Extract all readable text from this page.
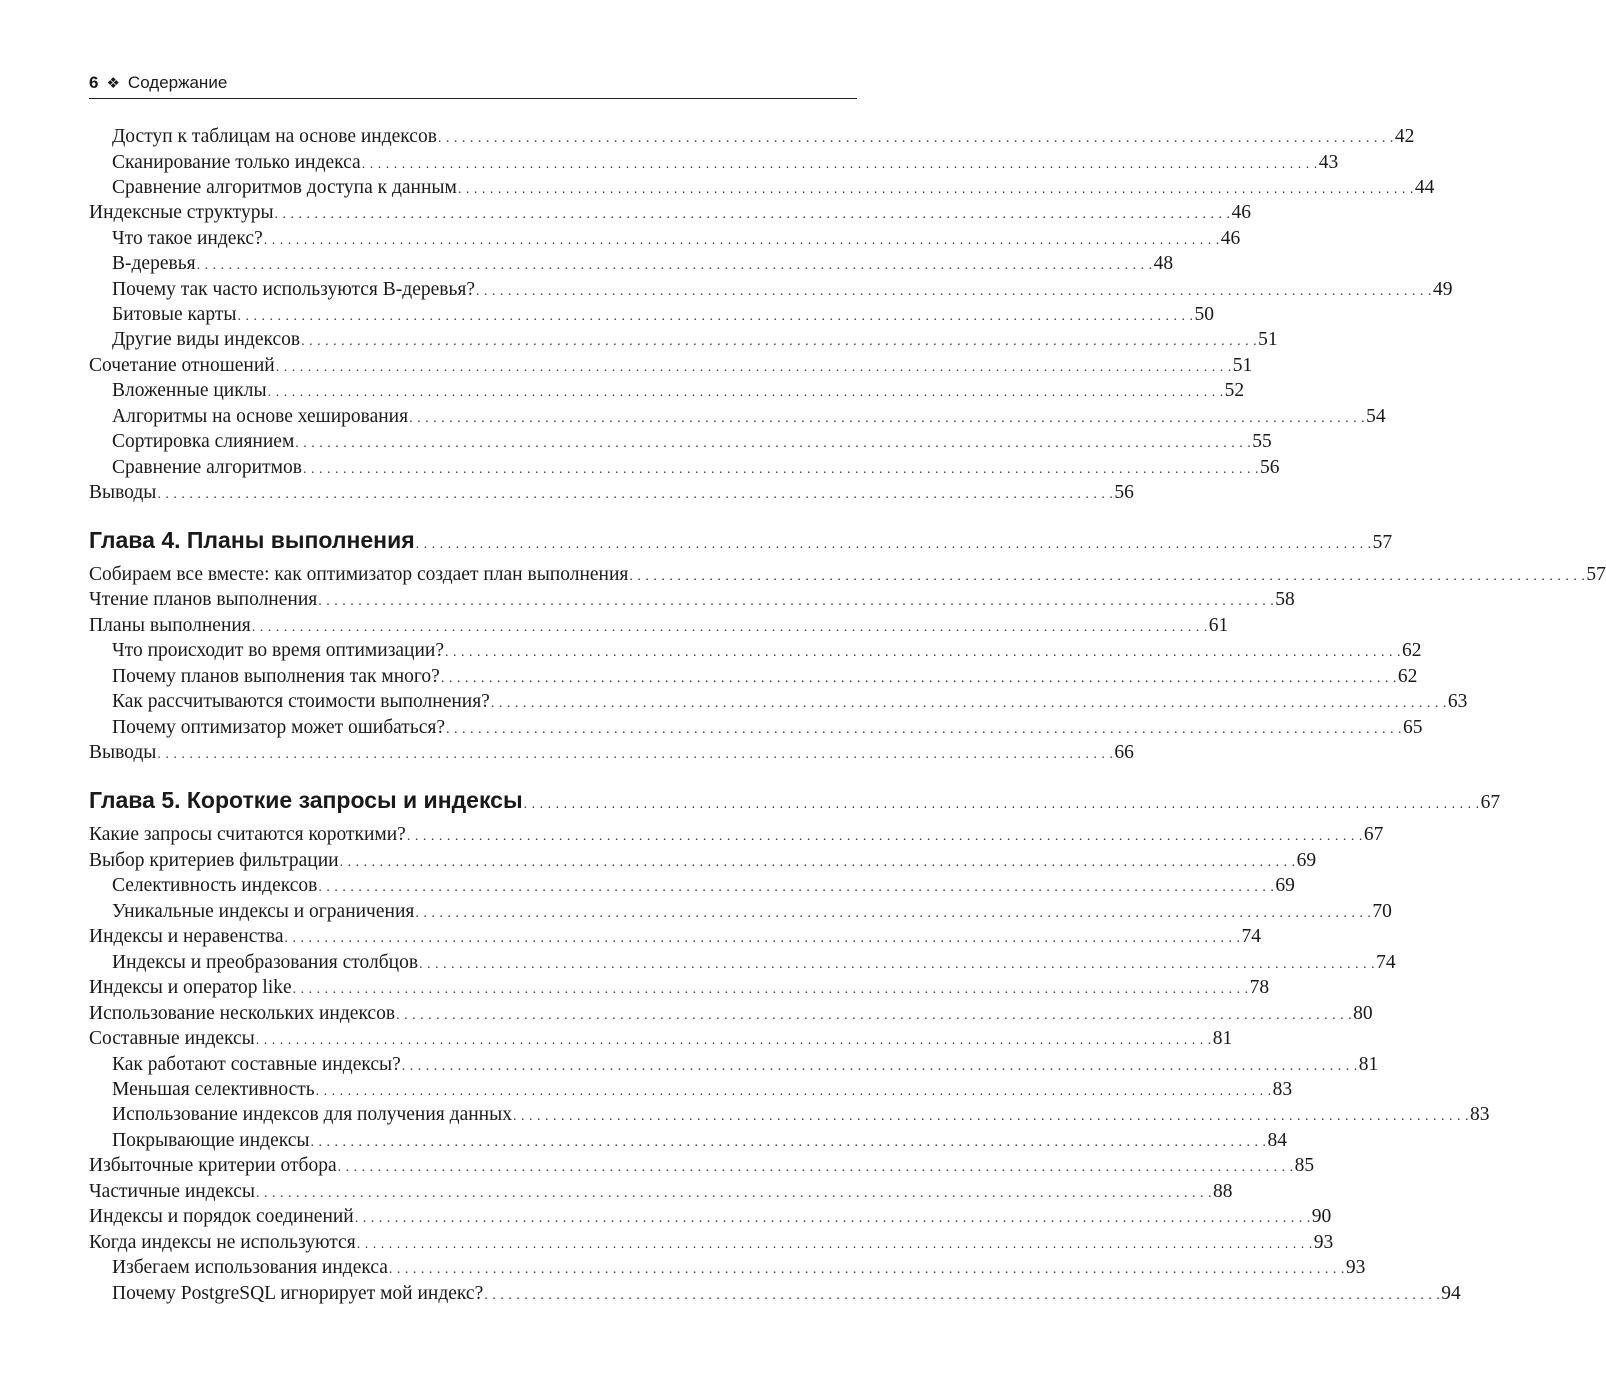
6 ❖ Содержание
Доступ к таблицам на основе индексов . . . . . . . . . . . . . . . . . . . . . . . . . . . . . . . . . . . . . . . . . . . . . . . . . . . . . . . . . . . . . . . . . . . . . . . . . . . . . . . . . . . . . . . . . . . . . . . . . . . . . . . . . . . . . . . . . . . . . . . . 42
Сканирование только индекса . . . . . . . . . . . . . . . . . . . . . . . . . . . . . . . . . . . . . . . . . . . . . . . . . . . . . . . . . . . . . . . . . . . . . . . . . . . . . . . . . . . . . . . . . . . . . . . . . . . . . . . . . . . . . . . . . . . . . . . . 43
Сравнение алгоритмов доступа к данным . . . . . . . . . . . . . . . . . . . . . . . . . . . . . . . . . . . . . . . . . . . . . . . . . . . . . . . . . . . . . . . . . . . . . . . . . . . . . . . . . . . . . . . . . . . . . . . . . . . . . . . . . . . . . . . . . . . . . . . . 44
Индексные структуры . . . . . . . . . . . . . . . . . . . . . . . . . . . . . . . . . . . . . . . . . . . . . . . . . . . . . . . . . . . . . . . . . . . . . . . . . . . . . . . . . . . . . . . . . . . . . . . . . . . . . . . . . . . . . . . . . . . . . . . . 46
Что такое индекс? . . . . . . . . . . . . . . . . . . . . . . . . . . . . . . . . . . . . . . . . . . . . . . . . . . . . . . . . . . . . . . . . . . . . . . . . . . . . . . . . . . . . . . . . . . . . . . . . . . . . . . . . . . . . . . . . . . . . . . . . 46
B-деревья . . . . . . . . . . . . . . . . . . . . . . . . . . . . . . . . . . . . . . . . . . . . . . . . . . . . . . . . . . . . . . . . . . . . . . . . . . . . . . . . . . . . . . . . . . . . . . . . . . . . . . . . . . . . . . . . . . . . . . . . 48
Почему так часто используются B-деревья? . . . . . . . . . . . . . . . . . . . . . . . . . . . . . . . . . . . . . . . . . . . . . . . . . . . . . . . . . . . . . . . . . . . . . . . . . . . . . . . . . . . . . . . . . . . . . . . . . . . . . . . . . . . . . . . . . . . . . . . . 49
Битовые карты . . . . . . . . . . . . . . . . . . . . . . . . . . . . . . . . . . . . . . . . . . . . . . . . . . . . . . . . . . . . . . . . . . . . . . . . . . . . . . . . . . . . . . . . . . . . . . . . . . . . . . . . . . . . . . . . . . . . . . . . 50
Другие виды индексов . . . . . . . . . . . . . . . . . . . . . . . . . . . . . . . . . . . . . . . . . . . . . . . . . . . . . . . . . . . . . . . . . . . . . . . . . . . . . . . . . . . . . . . . . . . . . . . . . . . . . . . . . . . . . . . . . . . . . . . . 51
Сочетание отношений . . . . . . . . . . . . . . . . . . . . . . . . . . . . . . . . . . . . . . . . . . . . . . . . . . . . . . . . . . . . . . . . . . . . . . . . . . . . . . . . . . . . . . . . . . . . . . . . . . . . . . . . . . . . . . . . . . . . . . . . 51
Вложенные циклы . . . . . . . . . . . . . . . . . . . . . . . . . . . . . . . . . . . . . . . . . . . . . . . . . . . . . . . . . . . . . . . . . . . . . . . . . . . . . . . . . . . . . . . . . . . . . . . . . . . . . . . . . . . . . . . . . . . . . . . . 52
Алгоритмы на основе хеширования . . . . . . . . . . . . . . . . . . . . . . . . . . . . . . . . . . . . . . . . . . . . . . . . . . . . . . . . . . . . . . . . . . . . . . . . . . . . . . . . . . . . . . . . . . . . . . . . . . . . . . . . . . . . . . . . . . . . . . . . 54
Сортировка слиянием . . . . . . . . . . . . . . . . . . . . . . . . . . . . . . . . . . . . . . . . . . . . . . . . . . . . . . . . . . . . . . . . . . . . . . . . . . . . . . . . . . . . . . . . . . . . . . . . . . . . . . . . . . . . . . . . . . . . . . . . 55
Сравнение алгоритмов . . . . . . . . . . . . . . . . . . . . . . . . . . . . . . . . . . . . . . . . . . . . . . . . . . . . . . . . . . . . . . . . . . . . . . . . . . . . . . . . . . . . . . . . . . . . . . . . . . . . . . . . . . . . . . . . . . . . . . . . 56
Выводы . . . . . . . . . . . . . . . . . . . . . . . . . . . . . . . . . . . . . . . . . . . . . . . . . . . . . . . . . . . . . . . . . . . . . . . . . . . . . . . . . . . . . . . . . . . . . . . . . . . . . . . . . . . . . . . . . . . . . . . . 56
Глава 4. Планы выполнения . . . . . . . . . . . . . . . . . . . . . . . . . . . . . . . . . . . . . . . . . . . . . . . . . . . . . . . . . . . . . . . . . . . . . . . . . . . . . . . . . . . . . . . . . . . . . . . . . . . . . . . . . . . . . . . . . . . . . . . . 57
Собираем все вместе: как оптимизатор создает план выполнения . . . . . . . . . . . . . . . . . . . . . . . . . . . . . . . . . . . . . . . . . . . . . . . . . . . . . . . . . . . . . . . . . . . . . . . . . . . . . . . . . . . . . . . . . . . . . . . . . . . . . . . . . . . . . . . . . . . . . . . . 57
Чтение планов выполнения . . . . . . . . . . . . . . . . . . . . . . . . . . . . . . . . . . . . . . . . . . . . . . . . . . . . . . . . . . . . . . . . . . . . . . . . . . . . . . . . . . . . . . . . . . . . . . . . . . . . . . . . . . . . . . . . . . . . . . . . 58
Планы выполнения . . . . . . . . . . . . . . . . . . . . . . . . . . . . . . . . . . . . . . . . . . . . . . . . . . . . . . . . . . . . . . . . . . . . . . . . . . . . . . . . . . . . . . . . . . . . . . . . . . . . . . . . . . . . . . . . . . . . . . . . 61
Что происходит во время оптимизации? . . . . . . . . . . . . . . . . . . . . . . . . . . . . . . . . . . . . . . . . . . . . . . . . . . . . . . . . . . . . . . . . . . . . . . . . . . . . . . . . . . . . . . . . . . . . . . . . . . . . . . . . . . . . . . . . . . . . . . . . 62
Почему планов выполнения так много? . . . . . . . . . . . . . . . . . . . . . . . . . . . . . . . . . . . . . . . . . . . . . . . . . . . . . . . . . . . . . . . . . . . . . . . . . . . . . . . . . . . . . . . . . . . . . . . . . . . . . . . . . . . . . . . . . . . . . . . . 62
Как рассчитываются стоимости выполнения? . . . . . . . . . . . . . . . . . . . . . . . . . . . . . . . . . . . . . . . . . . . . . . . . . . . . . . . . . . . . . . . . . . . . . . . . . . . . . . . . . . . . . . . . . . . . . . . . . . . . . . . . . . . . . . . . . . . . . . . . 63
Почему оптимизатор может ошибаться? . . . . . . . . . . . . . . . . . . . . . . . . . . . . . . . . . . . . . . . . . . . . . . . . . . . . . . . . . . . . . . . . . . . . . . . . . . . . . . . . . . . . . . . . . . . . . . . . . . . . . . . . . . . . . . . . . . . . . . . . 65
Выводы . . . . . . . . . . . . . . . . . . . . . . . . . . . . . . . . . . . . . . . . . . . . . . . . . . . . . . . . . . . . . . . . . . . . . . . . . . . . . . . . . . . . . . . . . . . . . . . . . . . . . . . . . . . . . . . . . . . . . . . . 66
Глава 5. Короткие запросы и индексы . . . . . . . . . . . . . . . . . . . . . . . . . . . . . . . . . . . . . . . . . . . . . . . . . . . . . . . . . . . . . . . . . . . . . . . . . . . . . . . . . . . . . . . . . . . . . . . . . . . . . . . . . . . . . . . . . . . . . . . . 67
Какие запросы считаются короткими? . . . . . . . . . . . . . . . . . . . . . . . . . . . . . . . . . . . . . . . . . . . . . . . . . . . . . . . . . . . . . . . . . . . . . . . . . . . . . . . . . . . . . . . . . . . . . . . . . . . . . . . . . . . . . . . . . . . . . . . . 67
Выбор критериев фильтрации . . . . . . . . . . . . . . . . . . . . . . . . . . . . . . . . . . . . . . . . . . . . . . . . . . . . . . . . . . . . . . . . . . . . . . . . . . . . . . . . . . . . . . . . . . . . . . . . . . . . . . . . . . . . . . . . . . . . . . . . 69
Селективность индексов . . . . . . . . . . . . . . . . . . . . . . . . . . . . . . . . . . . . . . . . . . . . . . . . . . . . . . . . . . . . . . . . . . . . . . . . . . . . . . . . . . . . . . . . . . . . . . . . . . . . . . . . . . . . . . . . . . . . . . . . 69
Уникальные индексы и ограничения . . . . . . . . . . . . . . . . . . . . . . . . . . . . . . . . . . . . . . . . . . . . . . . . . . . . . . . . . . . . . . . . . . . . . . . . . . . . . . . . . . . . . . . . . . . . . . . . . . . . . . . . . . . . . . . . . . . . . . . . 70
Индексы и неравенства . . . . . . . . . . . . . . . . . . . . . . . . . . . . . . . . . . . . . . . . . . . . . . . . . . . . . . . . . . . . . . . . . . . . . . . . . . . . . . . . . . . . . . . . . . . . . . . . . . . . . . . . . . . . . . . . . . . . . . . . 74
Индексы и преобразования столбцов . . . . . . . . . . . . . . . . . . . . . . . . . . . . . . . . . . . . . . . . . . . . . . . . . . . . . . . . . . . . . . . . . . . . . . . . . . . . . . . . . . . . . . . . . . . . . . . . . . . . . . . . . . . . . . . . . . . . . . . . 74
Индексы и оператор like . . . . . . . . . . . . . . . . . . . . . . . . . . . . . . . . . . . . . . . . . . . . . . . . . . . . . . . . . . . . . . . . . . . . . . . . . . . . . . . . . . . . . . . . . . . . . . . . . . . . . . . . . . . . . . . . . . . . . . . . 78
Использование нескольких индексов . . . . . . . . . . . . . . . . . . . . . . . . . . . . . . . . . . . . . . . . . . . . . . . . . . . . . . . . . . . . . . . . . . . . . . . . . . . . . . . . . . . . . . . . . . . . . . . . . . . . . . . . . . . . . . . . . . . . . . . . 80
Составные индексы . . . . . . . . . . . . . . . . . . . . . . . . . . . . . . . . . . . . . . . . . . . . . . . . . . . . . . . . . . . . . . . . . . . . . . . . . . . . . . . . . . . . . . . . . . . . . . . . . . . . . . . . . . . . . . . . . . . . . . . . 81
Как работают составные индексы? . . . . . . . . . . . . . . . . . . . . . . . . . . . . . . . . . . . . . . . . . . . . . . . . . . . . . . . . . . . . . . . . . . . . . . . . . . . . . . . . . . . . . . . . . . . . . . . . . . . . . . . . . . . . . . . . . . . . . . . . 81
Меньшая селективность . . . . . . . . . . . . . . . . . . . . . . . . . . . . . . . . . . . . . . . . . . . . . . . . . . . . . . . . . . . . . . . . . . . . . . . . . . . . . . . . . . . . . . . . . . . . . . . . . . . . . . . . . . . . . . . . . . . . . . . . 83
Использование индексов для получения данных . . . . . . . . . . . . . . . . . . . . . . . . . . . . . . . . . . . . . . . . . . . . . . . . . . . . . . . . . . . . . . . . . . . . . . . . . . . . . . . . . . . . . . . . . . . . . . . . . . . . . . . . . . . . . . . . . . . . . . . . 83
Покрывающие индексы . . . . . . . . . . . . . . . . . . . . . . . . . . . . . . . . . . . . . . . . . . . . . . . . . . . . . . . . . . . . . . . . . . . . . . . . . . . . . . . . . . . . . . . . . . . . . . . . . . . . . . . . . . . . . . . . . . . . . . . . 84
Избыточные критерии отбора . . . . . . . . . . . . . . . . . . . . . . . . . . . . . . . . . . . . . . . . . . . . . . . . . . . . . . . . . . . . . . . . . . . . . . . . . . . . . . . . . . . . . . . . . . . . . . . . . . . . . . . . . . . . . . . . . . . . . . . . 85
Частичные индексы . . . . . . . . . . . . . . . . . . . . . . . . . . . . . . . . . . . . . . . . . . . . . . . . . . . . . . . . . . . . . . . . . . . . . . . . . . . . . . . . . . . . . . . . . . . . . . . . . . . . . . . . . . . . . . . . . . . . . . . . 88
Индексы и порядок соединений . . . . . . . . . . . . . . . . . . . . . . . . . . . . . . . . . . . . . . . . . . . . . . . . . . . . . . . . . . . . . . . . . . . . . . . . . . . . . . . . . . . . . . . . . . . . . . . . . . . . . . . . . . . . . . . . . . . . . . . . 90
Когда индексы не используются . . . . . . . . . . . . . . . . . . . . . . . . . . . . . . . . . . . . . . . . . . . . . . . . . . . . . . . . . . . . . . . . . . . . . . . . . . . . . . . . . . . . . . . . . . . . . . . . . . . . . . . . . . . . . . . . . . . . . . . . 93
Избегаем использования индекса . . . . . . . . . . . . . . . . . . . . . . . . . . . . . . . . . . . . . . . . . . . . . . . . . . . . . . . . . . . . . . . . . . . . . . . . . . . . . . . . . . . . . . . . . . . . . . . . . . . . . . . . . . . . . . . . . . . . . . . . 93
Почему PostgreSQL игнорирует мой индекс? . . . . . . . . . . . . . . . . . . . . . . . . . . . . . . . . . . . . . . . . . . . . . . . . . . . . . . . . . . . . . . . . . . . . . . . . . . . . . . . . . . . . . . . . . . . . . . . . . . . . . . . . . . . . . . . . . . . . . . . . 94
